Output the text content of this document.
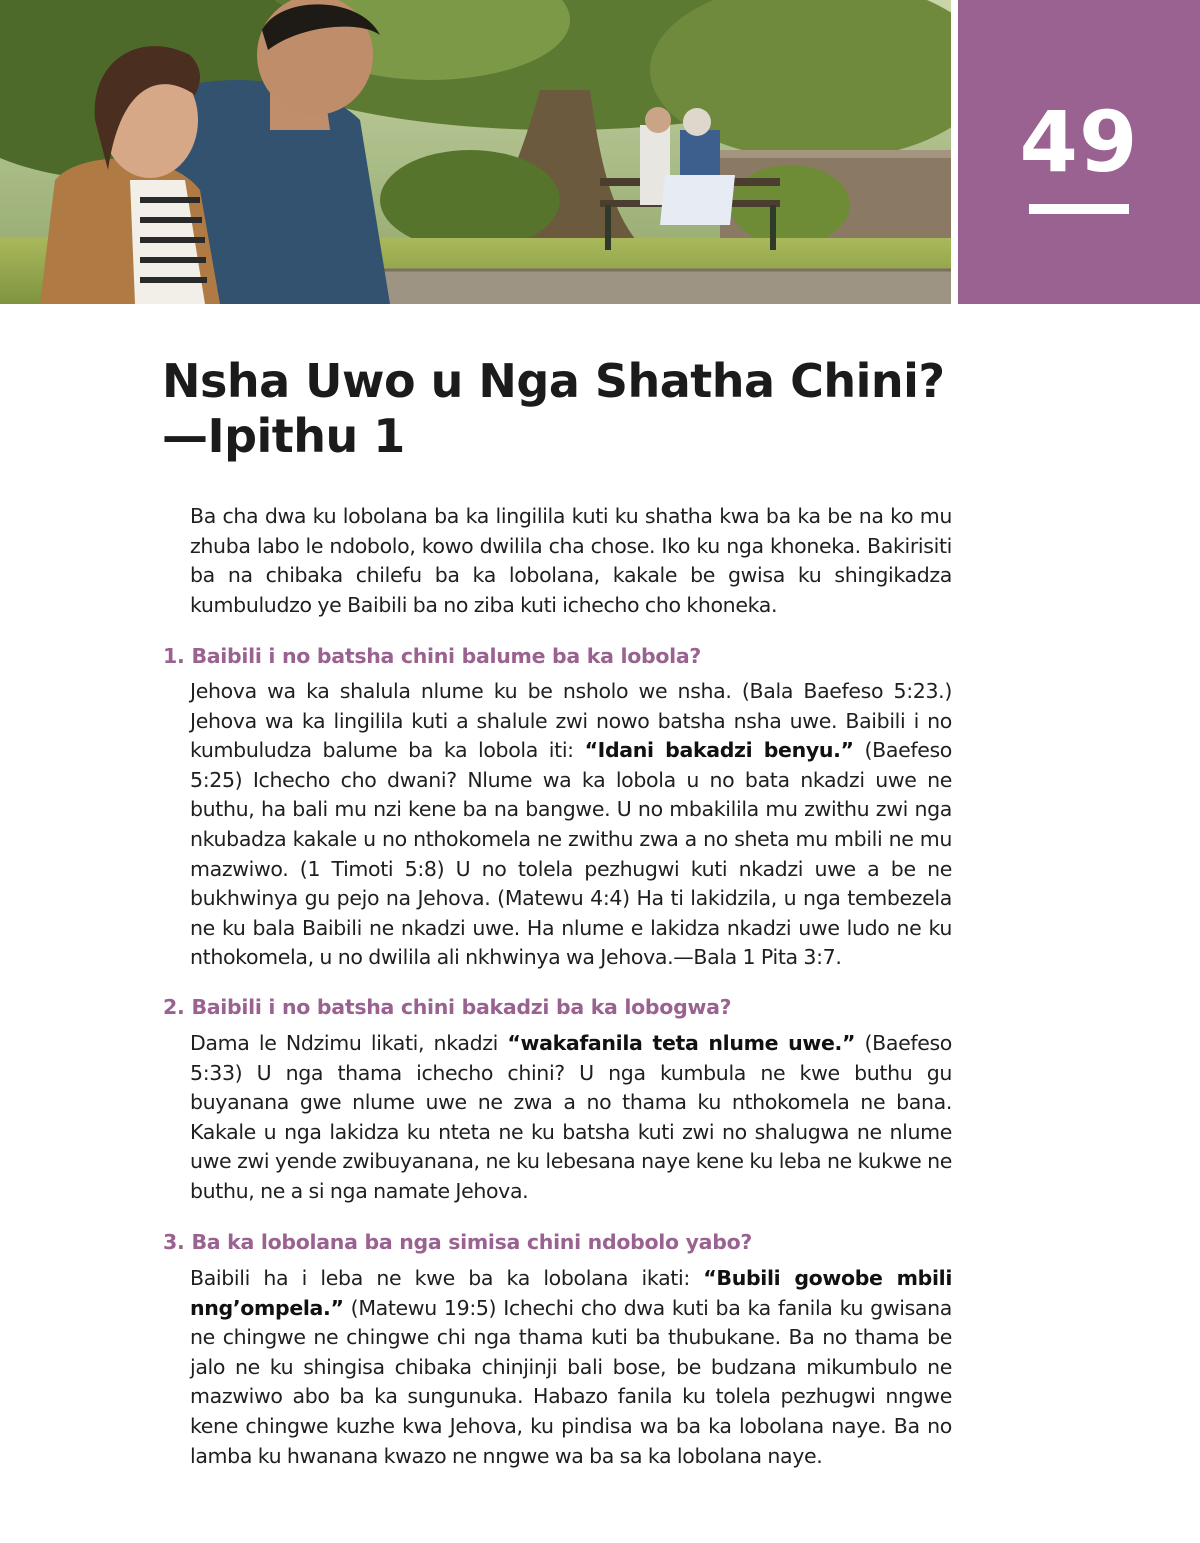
49
Nsha Uwo u Nga Shatha Chini?
—Ipithu 1

Ba cha dwa ku lobolana ba ka lingilila kuti ku shatha kwa ba ka be na ko mu zhuba labo le ndobolo, kowo dwilila cha chose. Iko ku nga khoneka. Bakirisiti ba na chibaka chilefu ba ka lobolana, kakale be gwisa ku shingikadza kumbuludzo ye Baibili ba no ziba kuti ichecho cho khoneka.

1. Baibili i no batsha chini balume ba ka lobola?

Jehova wa ka shalula nlume ku be nsholo we nsha. (Bala Baefeso 5:23.) Jehova wa ka lingilila kuti a shalule zwi nowo batsha nsha uwe. Baibili i no kumbuludza balume ba ka lobola iti: “Idani bakadzi benyu.” (Baefeso 5:25) Ichecho cho dwani? Nlume wa ka lobola u no bata nkadzi uwe ne buthu, ha bali mu nzi kene ba na bangwe. U no mbakilila mu zwithu zwi nga nkubadza kakale u no nthokomela ne zwithu zwa a no sheta mu mbili ne mu mazwiwo. (1 Timoti 5:8) U no tolela pezhugwi kuti nkadzi uwe a be ne bukhwinya gu pejo na Jehova. (Matewu 4:4) Ha ti lakidzila, u nga tembezela ne ku bala Baibili ne nkadzi uwe. Ha nlume e lakidza nkadzi uwe ludo ne ku nthokomela, u no dwilila ali nkhwinya wa Jehova.—Bala 1 Pita 3:7.

2. Baibili i no batsha chini bakadzi ba ka lobogwa?

Dama le Ndzimu likati, nkadzi “wakafanila teta nlume uwe.” (Baefeso 5:33) U nga thama ichecho chini? U nga kumbula ne kwe buthu gu buyanana gwe nlume uwe ne zwa a no thama ku nthokomela ne bana. Kakale u nga lakidza ku nteta ne ku batsha kuti zwi no shalugwa ne nlume uwe zwi yende zwibuyanana, ne ku lebesana naye kene ku leba ne kukwe ne buthu, ne a si nga namate Jehova.

3. Ba ka lobolana ba nga simisa chini ndobolo yabo?

Baibili ha i leba ne kwe ba ka lobolana ikati: “Bubili gowobe mbili nng’ompela.” (Matewu 19:5) Ichechi cho dwa kuti ba ka fanila ku gwisana ne chingwe ne chingwe chi nga thama kuti ba thubukane. Ba no thama be jalo ne ku shingisa chibaka chinjinji bali bose, be budzana mikumbulo ne mazwiwo abo ba ka sungunuka. Habazo fanila ku tolela pezhugwi nngwe kene chingwe kuzhe kwa Jehova, ku pindisa wa ba ka lobolana naye. Ba no lamba ku hwanana kwazo ne nngwe wa ba sa ka lobolana naye.
